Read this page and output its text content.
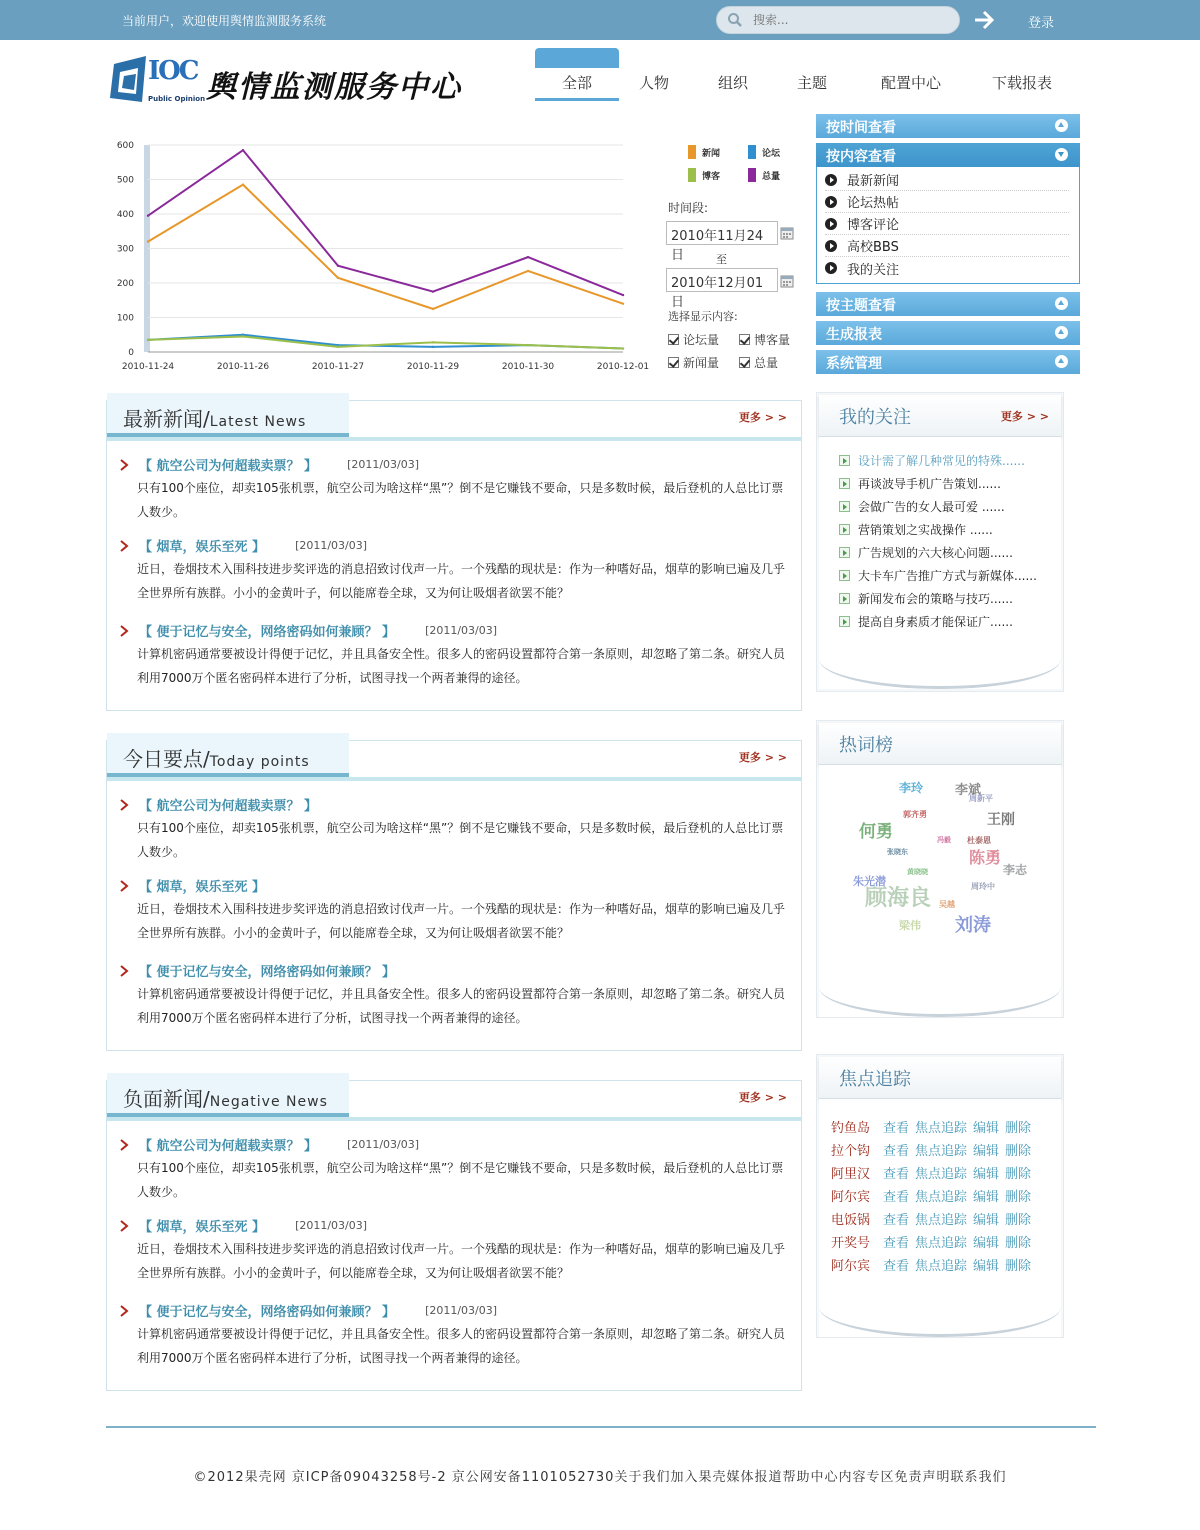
当前用户，欢迎使用舆情监测服务系统
搜索...	登录
IOC
Public Opinion 舆情监测服务中心	全部	人物	组织	主题	配置中心	下载报表
0
100
200
300
400
500
600
2010-11-24	2010-11-26	2010-11-27	2010-11-29	2010-11-30	2010-12-01
新闻	论坛
博客	总量
时间段:
2010年11月24日	至
2010年12月01日
选择显示内容:
论坛量	博客量
新闻量	总量
按时间查看
按内容查看
最新新闻
论坛热帖
博客评论
高校BBS
我的关注
按主题查看
生成报表
系统管理
最新新闻/Latest News	更多 > >
【 航空公司为何超载卖票？ 】	[2011/03/03]
只有100个座位，却卖105张机票，航空公司为啥这样“黑”？倒不是它赚钱不要命，只是多数时候，最后登机的人总比订票人数少。
【 烟草，娱乐至死 】	[2011/03/03]
近日，卷烟技术入围科技进步奖评选的消息招致讨伐声一片。一个残酷的现状是：作为一种嗜好品，烟草的影响已遍及几乎全世界所有族群。小小的金黄叶子，何以能席卷全球，又为何让吸烟者欲罢不能？
【 便于记忆与安全，网络密码如何兼顾？ 】	[2011/03/03]
计算机密码通常要被设计得便于记忆，并且具备安全性。很多人的密码设置都符合第一条原则，却忽略了第二条。研究人员利用7000万个匿名密码样本进行了分析，试图寻找一个两者兼得的途径。
今日要点/Today points	更多 > >
【 航空公司为何超载卖票？ 】
只有100个座位，却卖105张机票，航空公司为啥这样“黑”？倒不是它赚钱不要命，只是多数时候，最后登机的人总比订票人数少。
【 烟草，娱乐至死 】
近日，卷烟技术入围科技进步奖评选的消息招致讨伐声一片。一个残酷的现状是：作为一种嗜好品，烟草的影响已遍及几乎全世界所有族群。小小的金黄叶子，何以能席卷全球，又为何让吸烟者欲罢不能？
【 便于记忆与安全，网络密码如何兼顾？ 】
计算机密码通常要被设计得便于记忆，并且具备安全性。很多人的密码设置都符合第一条原则，却忽略了第二条。研究人员利用7000万个匿名密码样本进行了分析，试图寻找一个两者兼得的途径。
负面新闻/Negative News	更多 > >
【 航空公司为何超载卖票？ 】	[2011/03/03]
只有100个座位，却卖105张机票，航空公司为啥这样“黑”？倒不是它赚钱不要命，只是多数时候，最后登机的人总比订票人数少。
【 烟草，娱乐至死 】	[2011/03/03]
近日，卷烟技术入围科技进步奖评选的消息招致讨伐声一片。一个残酷的现状是：作为一种嗜好品，烟草的影响已遍及几乎全世界所有族群。小小的金黄叶子，何以能席卷全球，又为何让吸烟者欲罢不能？
【 便于记忆与安全，网络密码如何兼顾？ 】	[2011/03/03]
计算机密码通常要被设计得便于记忆，并且具备安全性。很多人的密码设置都符合第一条原则，却忽略了第二条。研究人员利用7000万个匿名密码样本进行了分析，试图寻找一个两者兼得的途径。
我的关注	更多 > >
设计需了解几种常见的特殊......
再谈波导手机广告策划......
会做广告的女人最可爱 ......
营销策划之实战操作 ......
广告规划的六大核心问题......
大卡车广告推广方式与新媒体......
新闻发布会的策略与技巧......
提高自身素质才能保证广......
热词榜
李玲 李斌
周新平
王刚
何勇
郭齐勇
冯毅 杜泰恩
陈勇
张晓东
李志
黄晓晓
朱光潜	周玲中
顾海良 吴越
刘涛
梁伟
焦点追踪
钓鱼岛 查看 焦点追踪 编辑 删除
拉个钩 查看 焦点追踪 编辑 删除
阿里汉 查看 焦点追踪 编辑 删除
阿尔宾 查看 焦点追踪 编辑 删除
电饭锅 查看 焦点追踪 编辑 删除
开奖号 查看 焦点追踪 编辑 删除
阿尔宾 查看 焦点追踪 编辑 删除
©2012果壳网 京ICP备09043258号-2 京公网安备1101052730关于我们加入果壳媒体报道帮助中心内容专区免责声明联系我们
